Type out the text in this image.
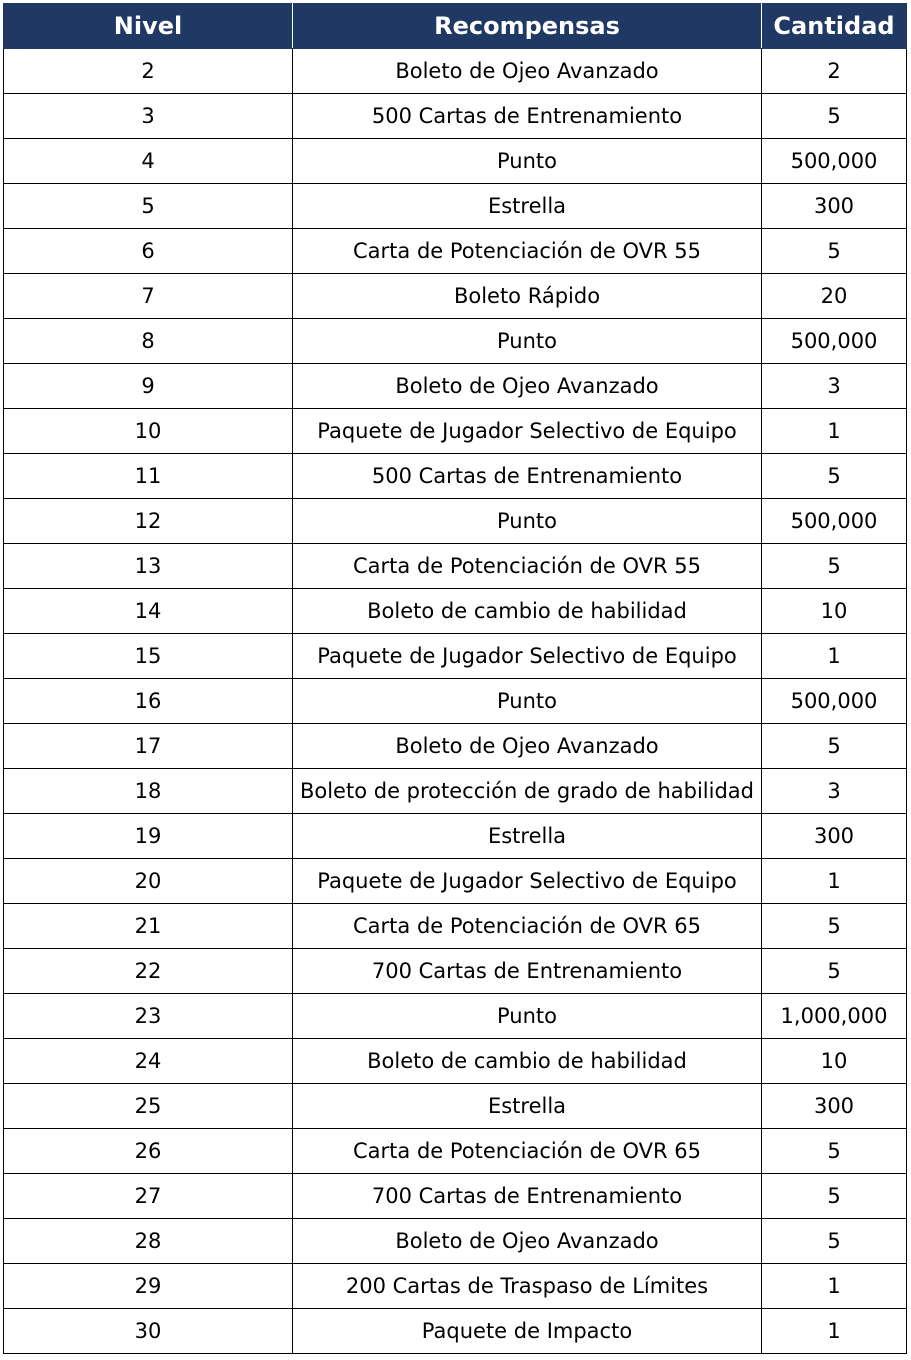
Nivel	Recompensas	Cantidad
2	Boleto de Ojeo Avanzado	2
3	500 Cartas de Entrenamiento	5
4	Punto	500,000
5	Estrella	300
6	Carta de Potenciación de OVR 55	5
7	Boleto Rápido	20
8	Punto	500,000
9	Boleto de Ojeo Avanzado	3
10	Paquete de Jugador Selectivo de Equipo	1
11	500 Cartas de Entrenamiento	5
12	Punto	500,000
13	Carta de Potenciación de OVR 55	5
14	Boleto de cambio de habilidad	10
15	Paquete de Jugador Selectivo de Equipo	1
16	Punto	500,000
17	Boleto de Ojeo Avanzado	5
18	Boleto de protección de grado de habilidad	3
19	Estrella	300
20	Paquete de Jugador Selectivo de Equipo	1
21	Carta de Potenciación de OVR 65	5
22	700 Cartas de Entrenamiento	5
23	Punto	1,000,000
24	Boleto de cambio de habilidad	10
25	Estrella	300
26	Carta de Potenciación de OVR 65	5
27	700 Cartas de Entrenamiento	5
28	Boleto de Ojeo Avanzado	5
29	200 Cartas de Traspaso de Límites	1
30	Paquete de Impacto	1
